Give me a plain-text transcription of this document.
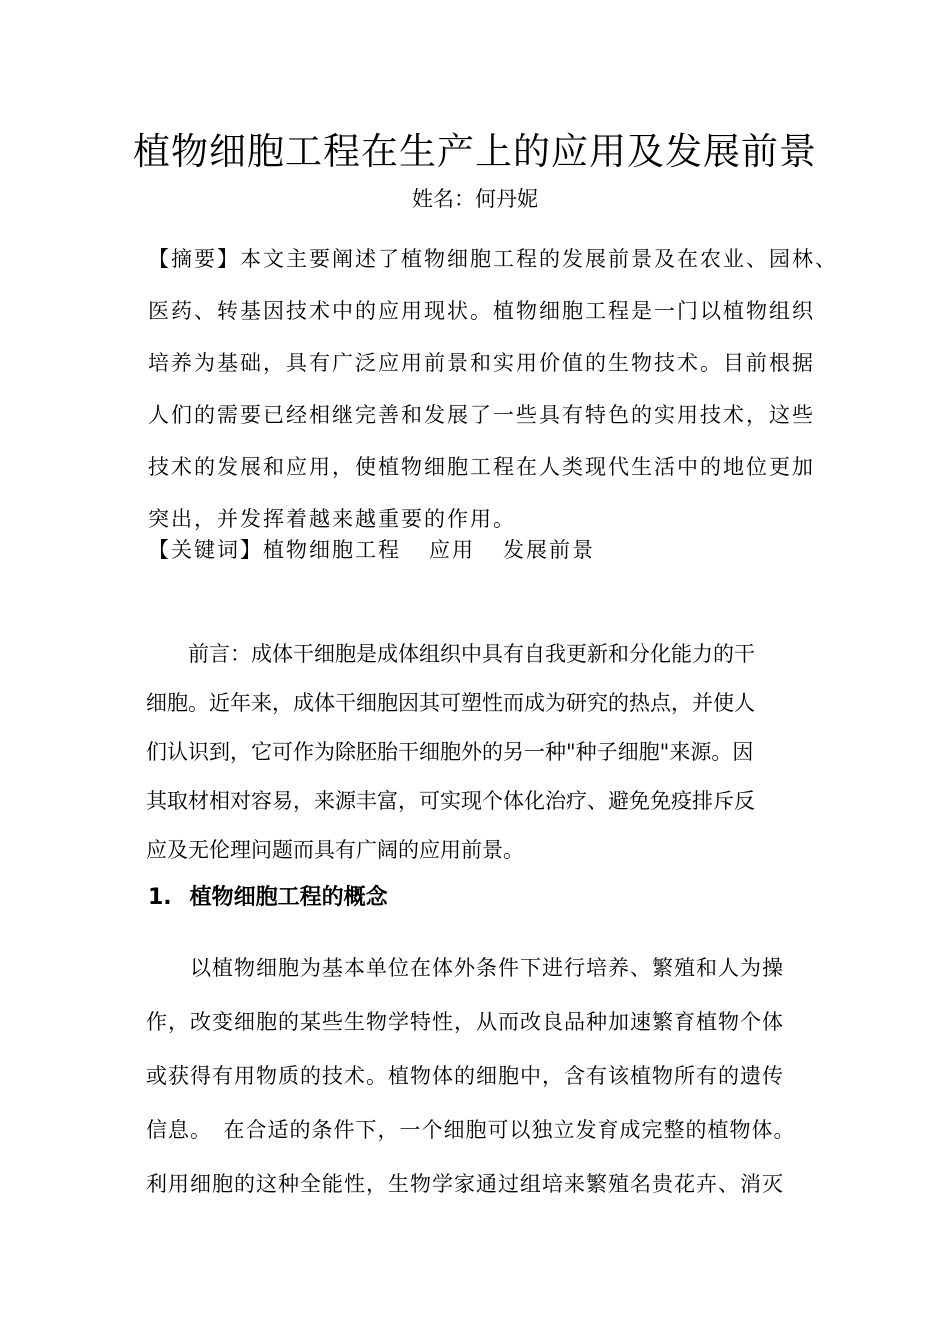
植物细胞工程在生产上的应用及发展前景
姓名：何丹妮
【摘要】本文主要阐述了植物细胞工程的发展前景及在农业、园林、
医药、转基因技术中的应用现状。植物细胞工程是一门以植物组织
培养为基础，具有广泛应用前景和实用价值的生物技术。目前根据
人们的需要已经相继完善和发展了一些具有特色的实用技术，这些
技术的发展和应用，使植物细胞工程在人类现代生活中的地位更加
突出，并发挥着越来越重要的作用。
【关键词】植物细胞工程 应用 发展前景
　　前言：成体干细胞是成体组织中具有自我更新和分化能力的干
细胞。近年来，成体干细胞因其可塑性而成为研究的热点，并使人
们认识到，它可作为除胚胎干细胞外的另一种"种子细胞"来源。因
其取材相对容易，来源丰富，可实现个体化治疗、避免免疫排斥反
应及无伦理问题而具有广阔的应用前景。
1. 植物细胞工程的概念
　　以植物细胞为基本单位在体外条件下进行培养、繁殖和人为操
作，改变细胞的某些生物学特性，从而改良品种加速繁育植物个体
或获得有用物质的技术。植物体的细胞中，含有该植物所有的遗传
信息。　在合适的条件下，一个细胞可以独立发育成完整的植物体。
利用细胞的这种全能性，生物学家通过组培来繁殖名贵花卉、消灭
